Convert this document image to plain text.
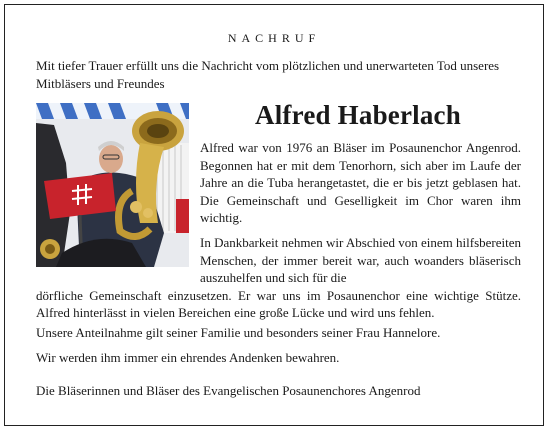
NACHRUF
Mit tiefer Trauer erfüllt uns die Nachricht vom plötzlichen und unerwarteten Tod unseres Mitbläsers und Freundes
Alfred Haberlach

Alfred war von 1976 an Bläser im Posaunenchor Angenrod. Begonnen hat er mit dem Tenorhorn, sich aber im Laufe der Jahre an die Tuba herangetastet, die er bis jetzt geblasen hat. Die Gemeinschaft und Geselligkeit im Chor waren ihm wichtig.

In Dankbarkeit nehmen wir Abschied von einem hilfsbereiten Menschen, der immer bereit war, auch woanders bläserisch auszuhelfen und sich für die
dörfliche Gemeinschaft einzusetzen. Er war uns im Posaunenchor eine wichtige Stütze. Alfred hinterlässt in vielen Bereichen eine große Lücke und wird uns fehlen.

Unsere Anteilnahme gilt seiner Familie und besonders seiner Frau Hannelore.

Wir werden ihm immer ein ehrendes Andenken bewahren.

Die Bläserinnen und Bläser des Evangelischen Posaunenchores Angenrod
